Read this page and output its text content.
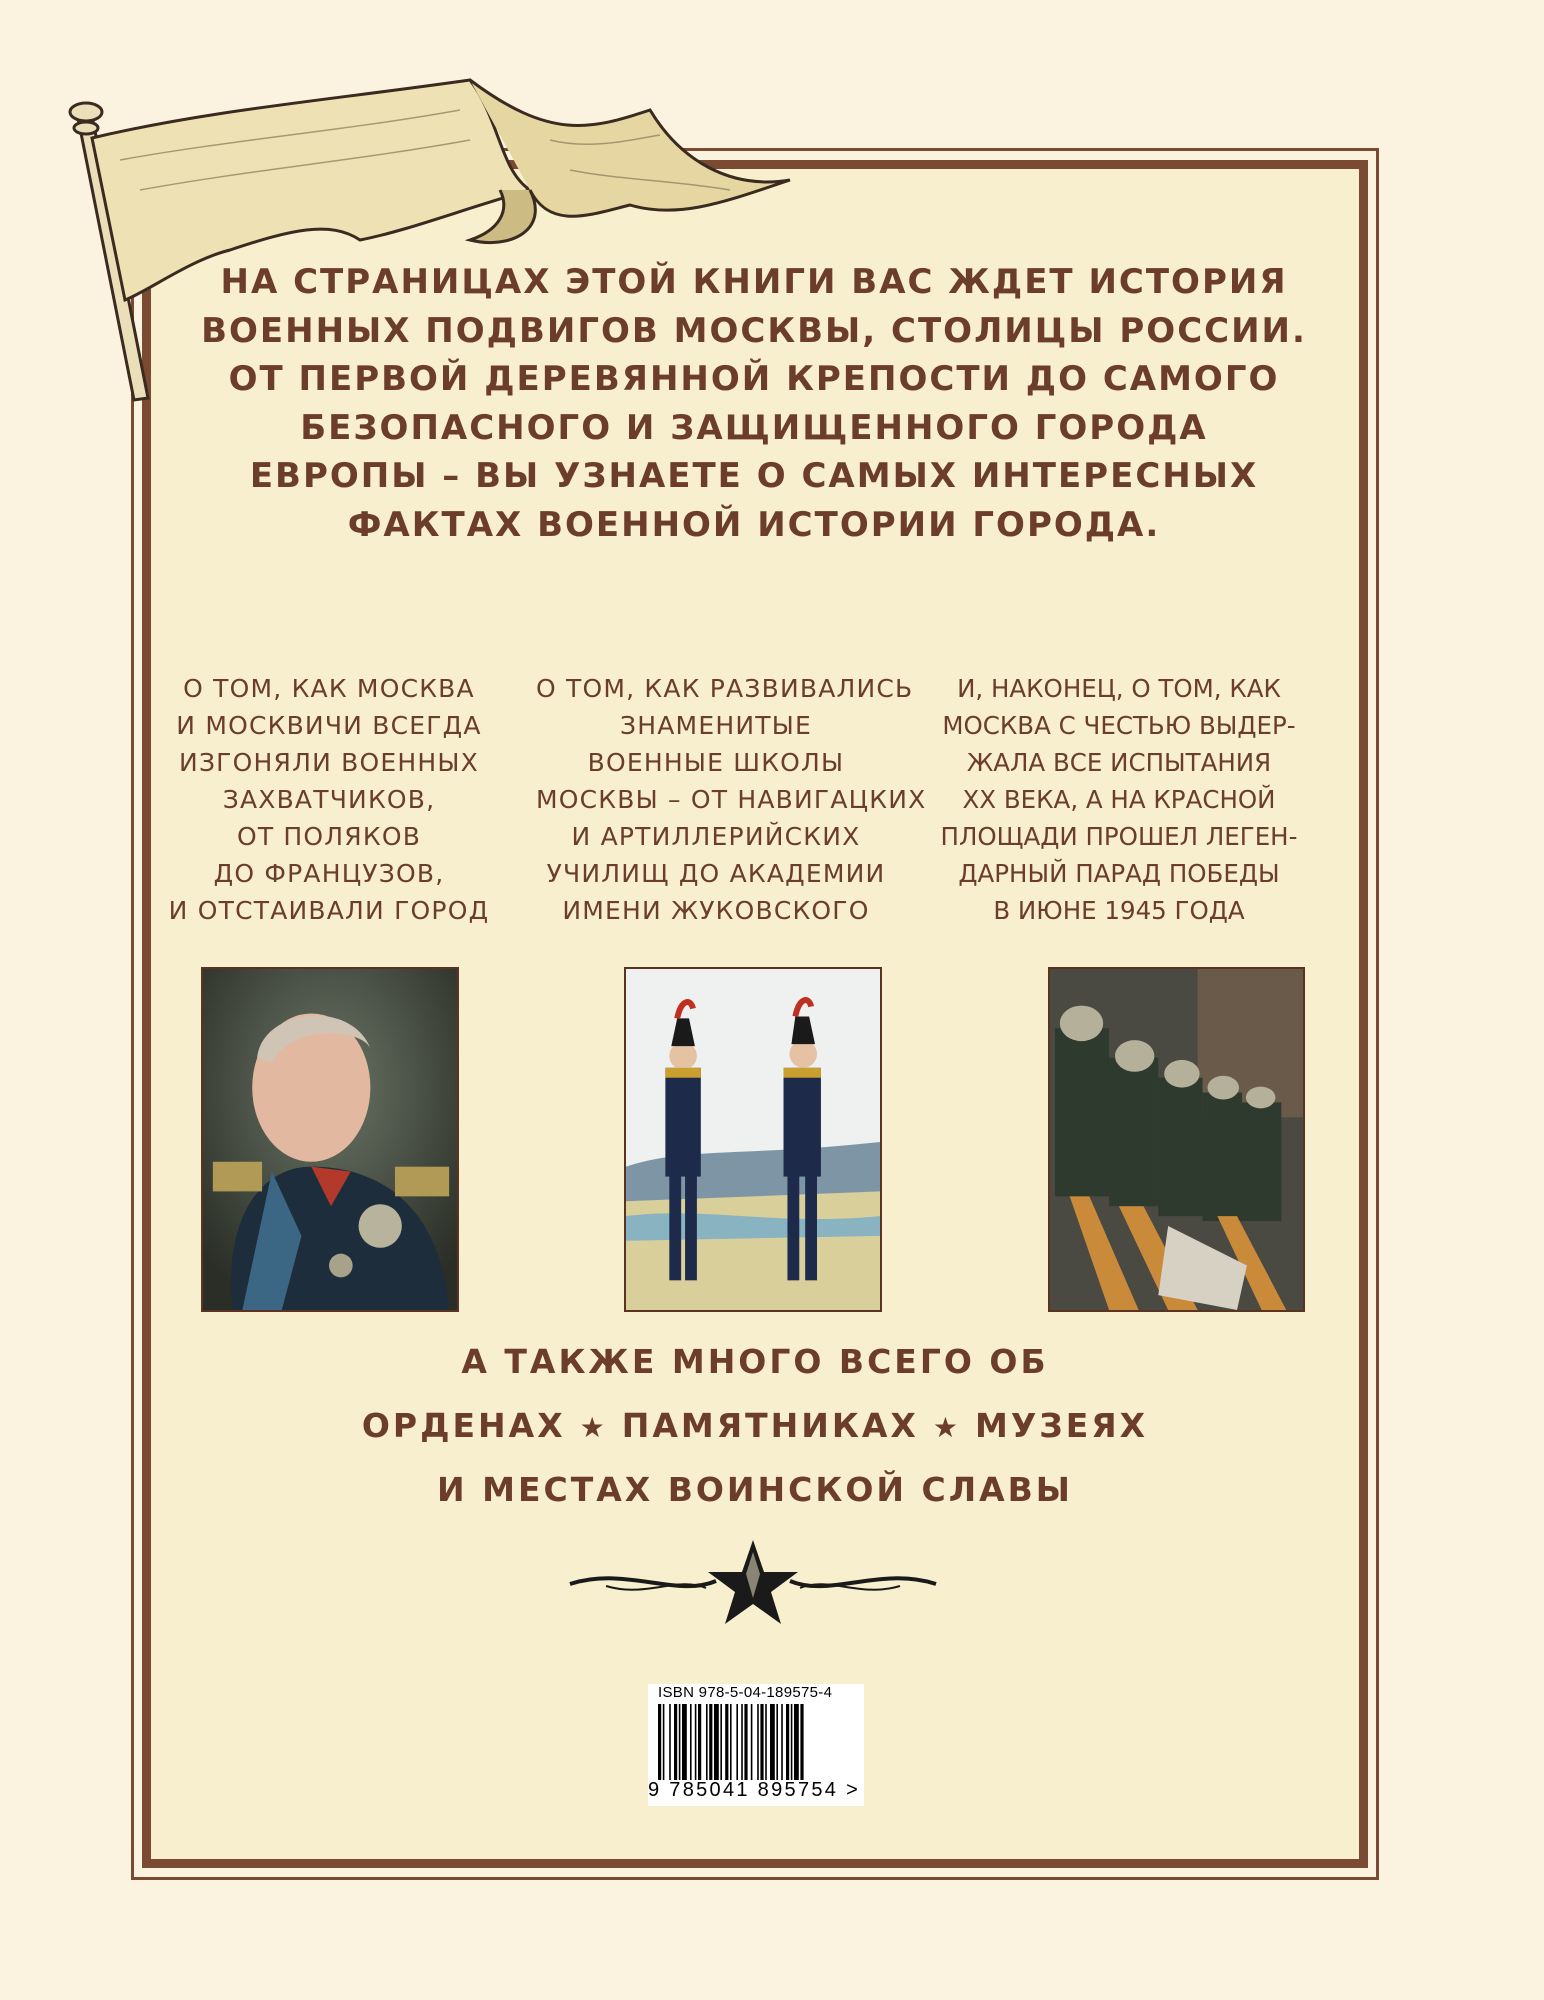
НА СТРАНИЦАХ ЭТОЙ КНИГИ ВАС ЖДЕТ ИСТОРИЯ
ВОЕННЫХ ПОДВИГОВ МОСКВЫ, СТОЛИЦЫ РОССИИ.
ОТ ПЕРВОЙ ДЕРЕВЯННОЙ КРЕПОСТИ ДО САМОГО
БЕЗОПАСНОГО И ЗАЩИЩЕННОГО ГОРОДА
ЕВРОПЫ – ВЫ УЗНАЕТЕ О САМЫХ ИНТЕРЕСНЫХ
ФАКТАХ ВОЕННОЙ ИСТОРИИ ГОРОДА.
О ТОМ, КАК МОСКВА
И МОСКВИЧИ ВСЕГДА
ИЗГОНЯЛИ ВОЕННЫХ
ЗАХВАТЧИКОВ,
ОТ ПОЛЯКОВ
ДО ФРАНЦУЗОВ,
И ОТСТАИВАЛИ ГОРОД
О ТОМ, КАК РАЗВИВАЛИСЬ
ЗНАМЕНИТЫЕ
ВОЕННЫЕ ШКОЛЫ
МОСКВЫ – ОТ НАВИГАЦКИХ
И АРТИЛЛЕРИЙСКИХ
УЧИЛИЩ ДО АКАДЕМИИ
ИМЕНИ ЖУКОВСКОГО
И, НАКОНЕЦ, О ТОМ, КАК
МОСКВА С ЧЕСТЬЮ ВЫДЕР-
ЖАЛА ВСЕ ИСПЫТАНИЯ
XX ВЕКА, А НА КРАСНОЙ
ПЛОЩАДИ ПРОШЕЛ ЛЕГЕН-
ДАРНЫЙ ПАРАД ПОБЕДЫ
В ИЮНЕ 1945 ГОДА
А ТАКЖЕ МНОГО ВСЕГО ОБ
ОРДЕНАХ ★ ПАМЯТНИКАХ ★ МУЗЕЯХ
И МЕСТАХ ВОИНСКОЙ СЛАВЫ
ISBN 978-5-04-189575-4
9 785041 895754 >
